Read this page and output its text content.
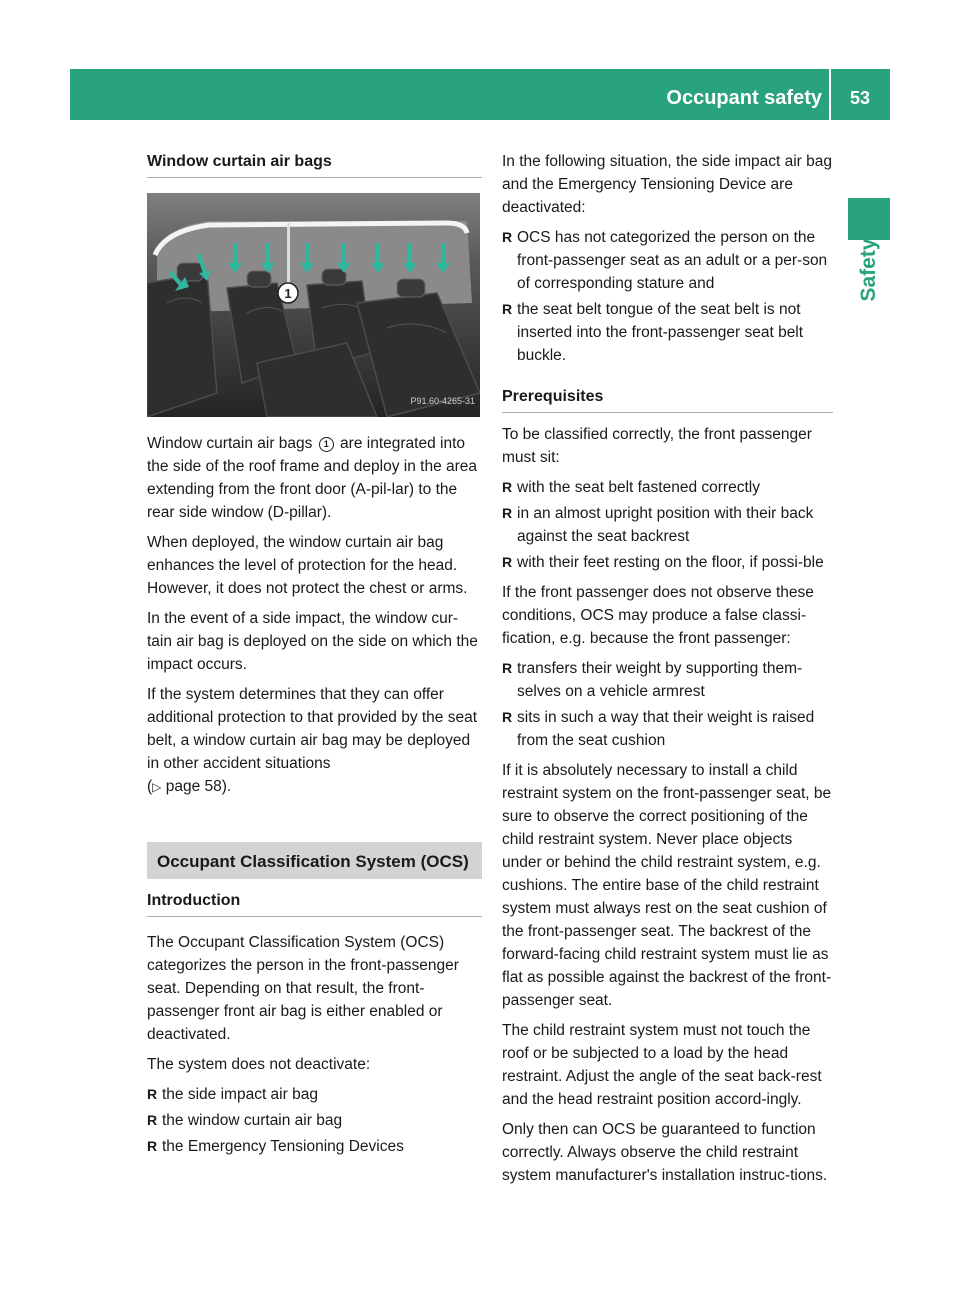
Occupant safety	53
Safety
Window curtain air bags
1
P91.60-4265-31

Window curtain air bags 1 are integrated into the side of the roof frame and deploy in the area extending from the front door (A-pil-lar) to the rear side window (D-pillar).

When deployed, the window curtain air bag enhances the level of protection for the head. However, it does not protect the chest or arms.

In the event of a side impact, the window cur-tain air bag is deployed on the side on which the impact occurs.

If the system determines that they can offer additional protection to that provided by the seat belt, a window curtain air bag may be deployed in other accident situations
(▷ page 58).

Occupant Classification System (OCS)
Introduction

The Occupant Classification System (OCS) categorizes the person in the front-passenger seat. Depending on that result, the front-passenger front air bag is either enabled or deactivated.

The system does not deactivate:

R the side impact air bag
R the window curtain air bag
R the Emergency Tensioning Devices

In the following situation, the side impact air bag and the Emergency Tensioning Device are deactivated:

R OCS has not categorized the person on the front-passenger seat as an adult or a per-son of corresponding stature and
R the seat belt tongue of the seat belt is not inserted into the front-passenger seat belt buckle.
Prerequisites

To be classified correctly, the front passenger must sit:

R with the seat belt fastened correctly
R in an almost upright position with their back against the seat backrest
R with their feet resting on the floor, if possi-ble

If the front passenger does not observe these conditions, OCS may produce a false classi-fication, e.g. because the front passenger:

R transfers their weight by supporting them-selves on a vehicle armrest
R sits in such a way that their weight is raised from the seat cushion

If it is absolutely necessary to install a child restraint system on the front-passenger seat, be sure to observe the correct positioning of the child restraint system. Never place objects under or behind the child restraint system, e.g. cushions. The entire base of the child restraint system must always rest on the seat cushion of the front-passenger seat. The backrest of the forward-facing child restraint system must lie as flat as possible against the backrest of the front-passenger seat.

The child restraint system must not touch the roof or be subjected to a load by the head restraint. Adjust the angle of the seat back-rest and the head restraint position accord-ingly.

Only then can OCS be guaranteed to function correctly. Always observe the child restraint system manufacturer's installation instruc-tions.
